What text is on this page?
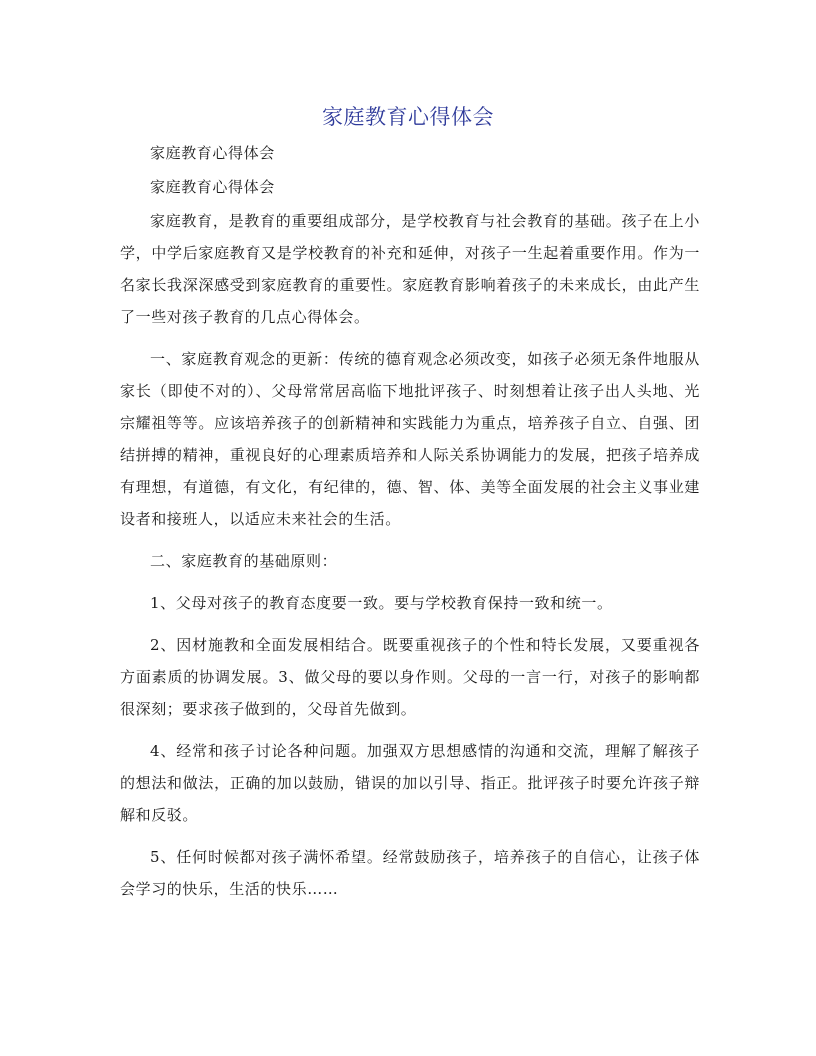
家庭教育心得体会

家庭教育心得体会

家庭教育心得体会

家庭教育，是教育的重要组成部分，是学校教育与社会教育的基础。孩子在上小学，中学后家庭教育又是学校教育的补充和延伸，对孩子一生起着重要作用。作为一名家长我深深感受到家庭教育的重要性。家庭教育影响着孩子的未来成长，由此产生了一些对孩子教育的几点心得体会。

一、家庭教育观念的更新：传统的德育观念必须改变，如孩子必须无条件地服从家长（即使不对的）、父母常常居高临下地批评孩子、时刻想着让孩子出人头地、光宗耀祖等等。应该培养孩子的创新精神和实践能力为重点，培养孩子自立、自强、团结拼搏的精神，重视良好的心理素质培养和人际关系协调能力的发展，把孩子培养成有理想，有道德，有文化，有纪律的，德、智、体、美等全面发展的社会主义事业建设者和接班人，以适应未来社会的生活。

二、家庭教育的基础原则：

1、父母对孩子的教育态度要一致。要与学校教育保持一致和统一。

2、因材施教和全面发展相结合。既要重视孩子的个性和特长发展，又要重视各方面素质的协调发展。3、做父母的要以身作则。父母的一言一行，对孩子的影响都很深刻；要求孩子做到的，父母首先做到。

4、经常和孩子讨论各种问题。加强双方思想感情的沟通和交流，理解了解孩子的想法和做法，正确的加以鼓励，错误的加以引导、指正。批评孩子时要允许孩子辩解和反驳。

5、任何时候都对孩子满怀希望。经常鼓励孩子，培养孩子的自信心，让孩子体会学习的快乐，生活的快乐……
